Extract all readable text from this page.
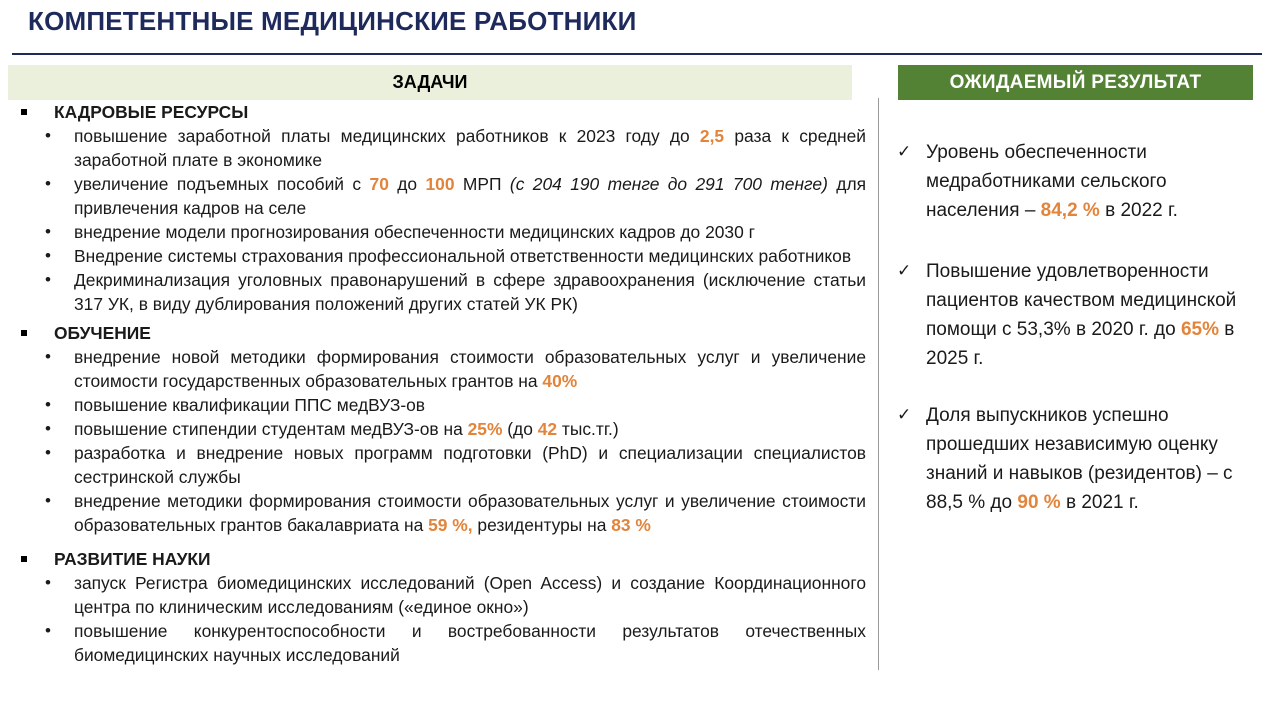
КОМПЕТЕНТНЫЕ МЕДИЦИНСКИЕ РАБОТНИКИ
ЗАДАЧИ	ОЖИДАЕМЫЙ РЕЗУЛЬТАТ
КАДРОВЫЕ РЕСУРСЫ
• повышение заработной платы медицинских работников к 2023 году до 2,5 раза к средней заработной плате в экономике
• увеличение подъемных пособий с 70 до 100 МРП (с 204 190 тенге до 291 700 тенге) для привлечения кадров на селе
• внедрение модели прогнозирования обеспеченности медицинских кадров до 2030 г
• Внедрение системы страхования профессиональной ответственности медицинских работников
• Декриминализация уголовных правонарушений в сфере здравоохранения (исключение статьи 317 УК, в виду дублирования положений других статей УК РК)
ОБУЧЕНИЕ
• внедрение новой методики формирования стоимости образовательных услуг и увеличение стоимости государственных образовательных грантов на 40%
• повышение квалификации ППС медВУЗ-ов
• повышение стипендии студентам медВУЗ-ов на 25% (до 42 тыс.тг.)
• разработка и внедрение новых программ подготовки (PhD) и специализации специалистов сестринской службы
• внедрение методики формирования стоимости образовательных услуг и увеличение стоимости образовательных грантов бакалавриата на 59 %, резидентуры на 83 %
РАЗВИТИЕ НАУКИ
• запуск Регистра биомедицинских исследований (Open Access) и создание Координационного центра по клиническим исследованиям («единое окно»)
• повышение конкурентоспособности и востребованности результатов отечественных биомедицинских научных исследований
✓ Уровень обеспеченности медработниками сельского населения – 84,2 % в 2022 г.
✓ Повышение удовлетворенности пациентов качеством медицинской помощи с 53,3% в 2020 г. до 65% в 2025 г.
✓ Доля выпускников успешно прошедших независимую оценку знаний и навыков (резидентов) – с 88,5 % до 90 % в 2021 г.
